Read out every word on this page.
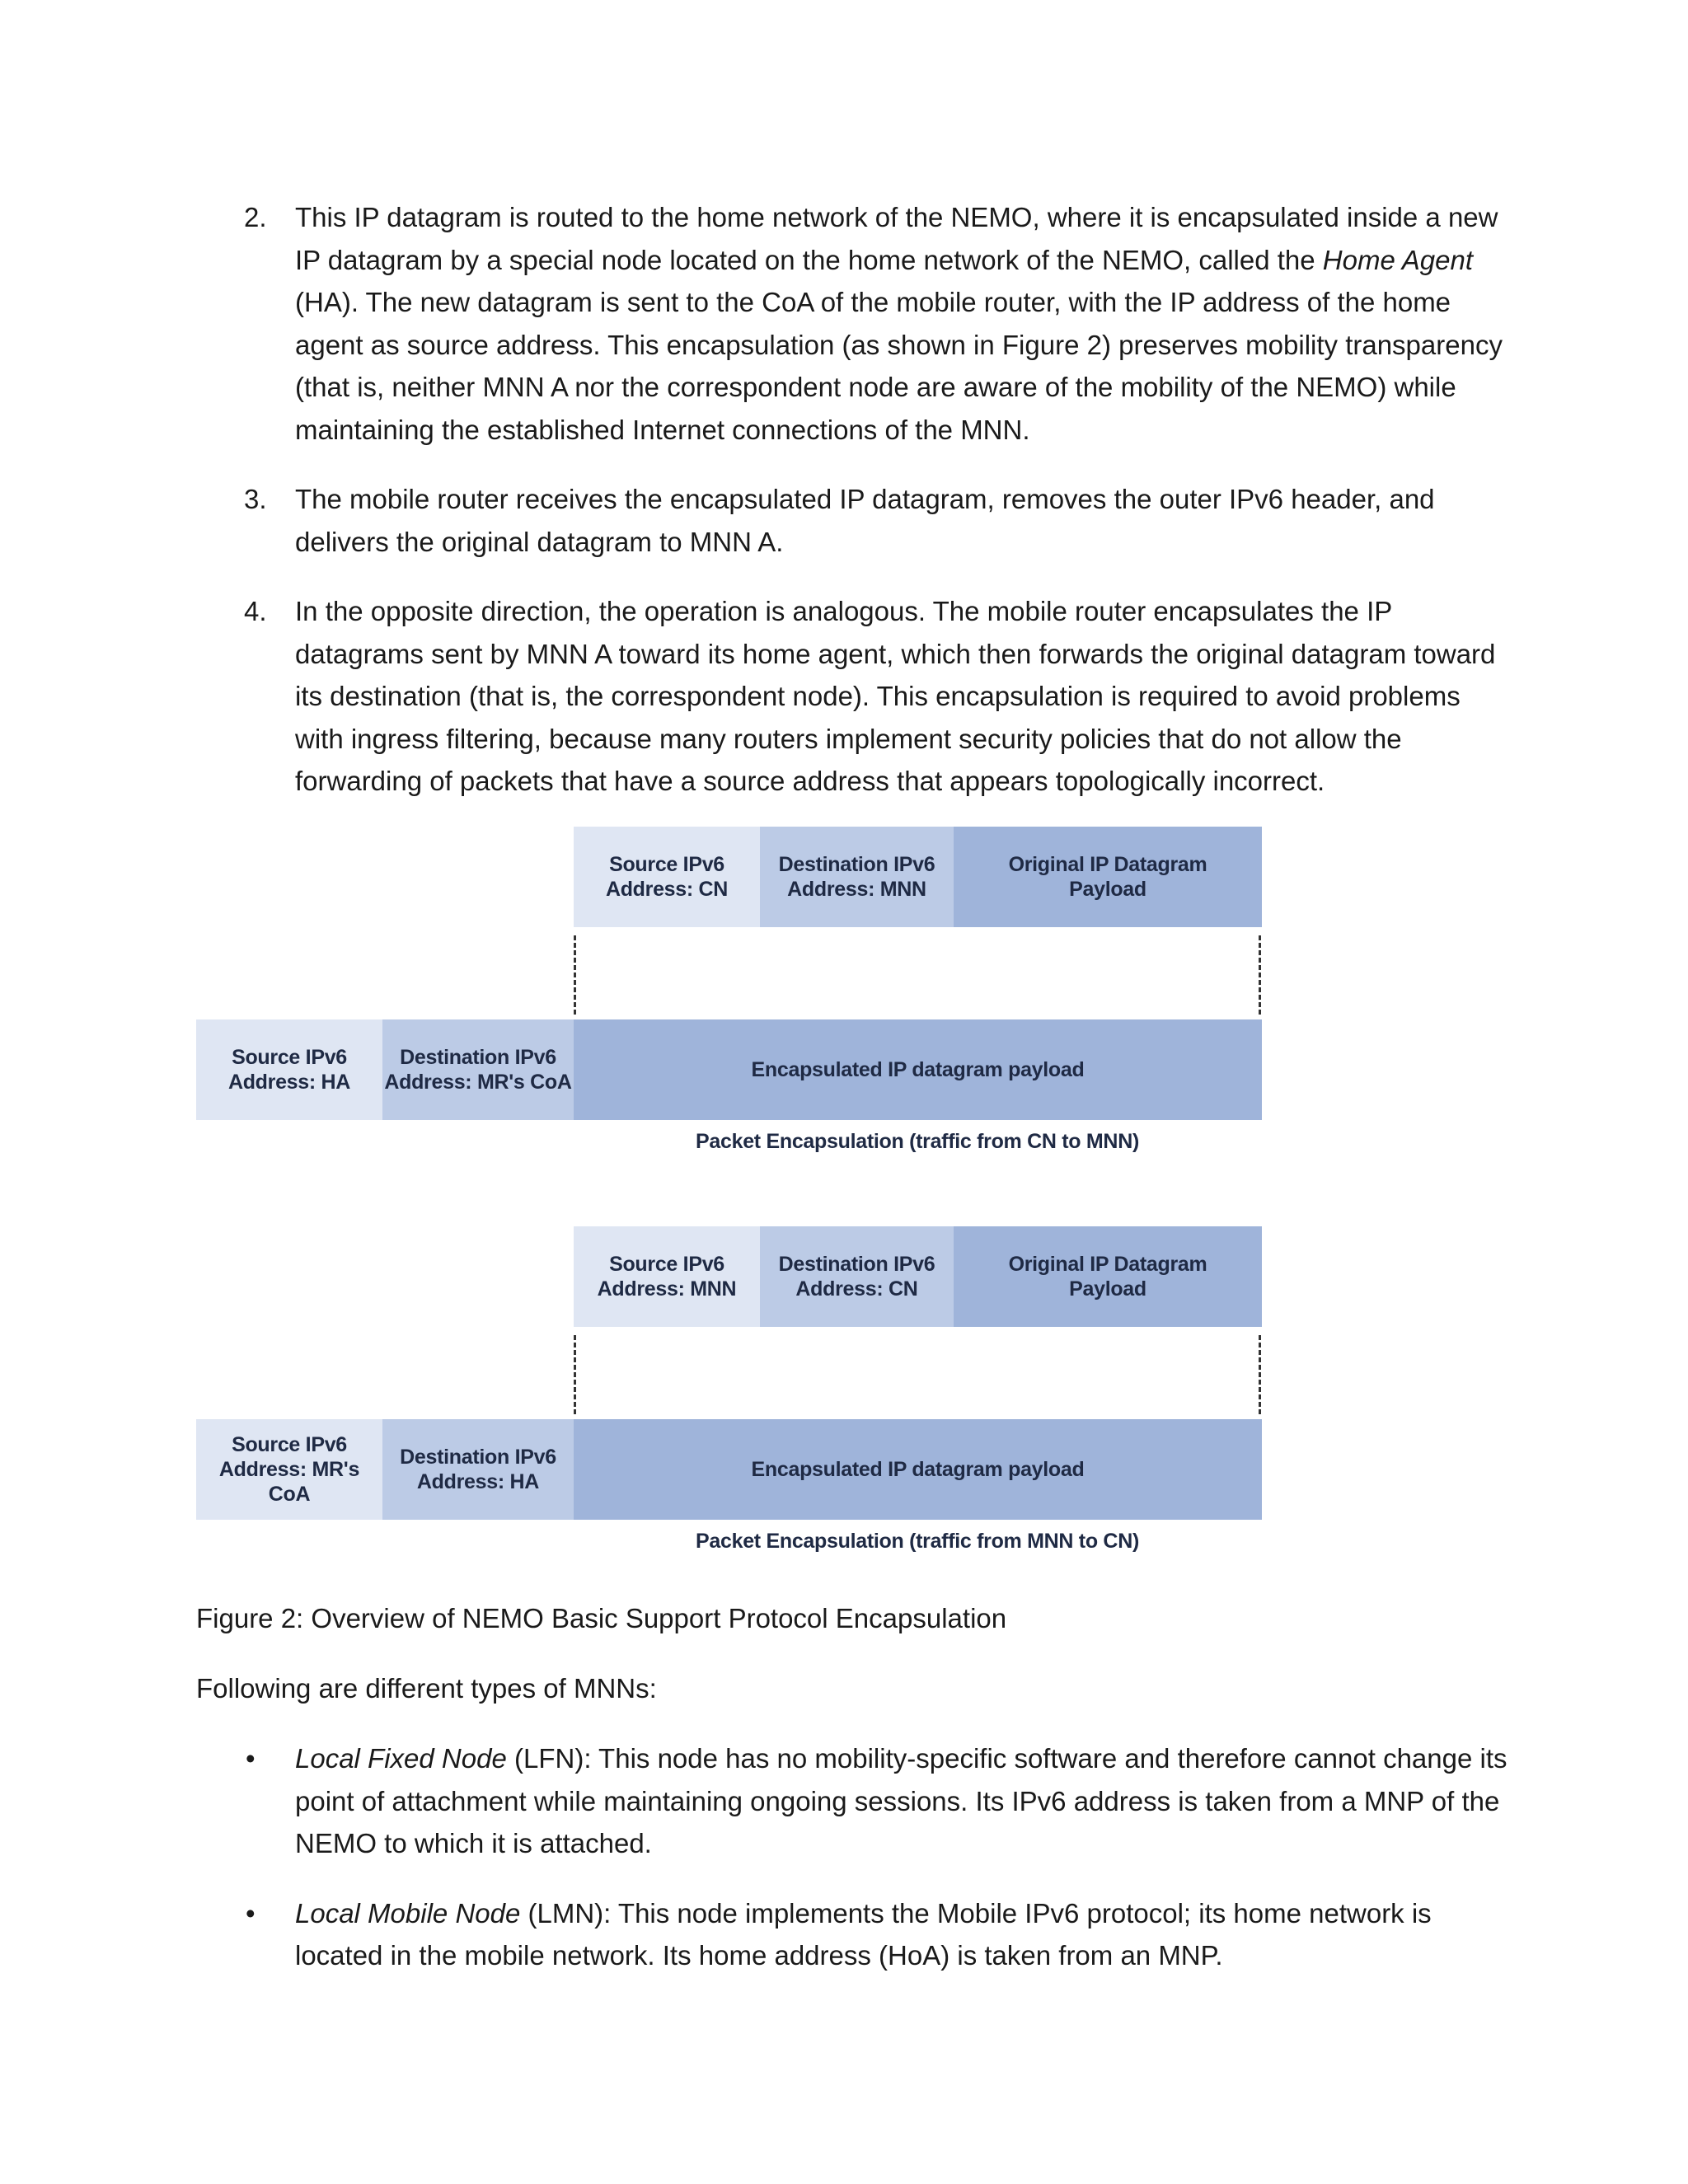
2. This IP datagram is routed to the home network of the NEMO, where it is encapsulated inside a new IP datagram by a special node located on the home network of the NEMO, called the Home Agent (HA). The new datagram is sent to the CoA of the mobile router, with the IP address of the home agent as source address. This encapsulation (as shown in Figure 2) preserves mobility transparency (that is, neither MNN A nor the correspondent node are aware of the mobility of the NEMO) while maintaining the established Internet connections of the MNN.
3. The mobile router receives the encapsulated IP datagram, removes the outer IPv6 header, and delivers the original datagram to MNN A.
4. In the opposite direction, the operation is analogous. The mobile router encapsulates the IP datagrams sent by MNN A toward its home agent, which then forwards the original datagram toward its destination (that is, the correspondent node). This encapsulation is required to avoid problems with ingress filtering, because many routers implement security policies that do not allow the forwarding of packets that have a source address that appears topologically incorrect.
Source IPv6
Address: CN
Destination IPv6
Address: MNN
Original IP Datagram
Payload
Source IPv6
Address: HA
Destination IPv6
Address: MR's CoA
Encapsulated IP datagram payload
Packet Encapsulation (traffic from CN to MNN)
Source IPv6
Address: MNN
Destination IPv6
Address: CN
Original IP Datagram
Payload
Source IPv6
Address: MR's CoA
Destination IPv6
Address: HA
Encapsulated IP datagram payload
Packet Encapsulation (traffic from MNN to CN)
Figure 2: Overview of NEMO Basic Support Protocol Encapsulation
Following are different types of MNNs:
• Local Fixed Node (LFN): This node has no mobility-specific software and therefore cannot change its point of attachment while maintaining ongoing sessions. Its IPv6 address is taken from a MNP of the NEMO to which it is attached.
• Local Mobile Node (LMN): This node implements the Mobile IPv6 protocol; its home network is located in the mobile network. Its home address (HoA) is taken from an MNP.
